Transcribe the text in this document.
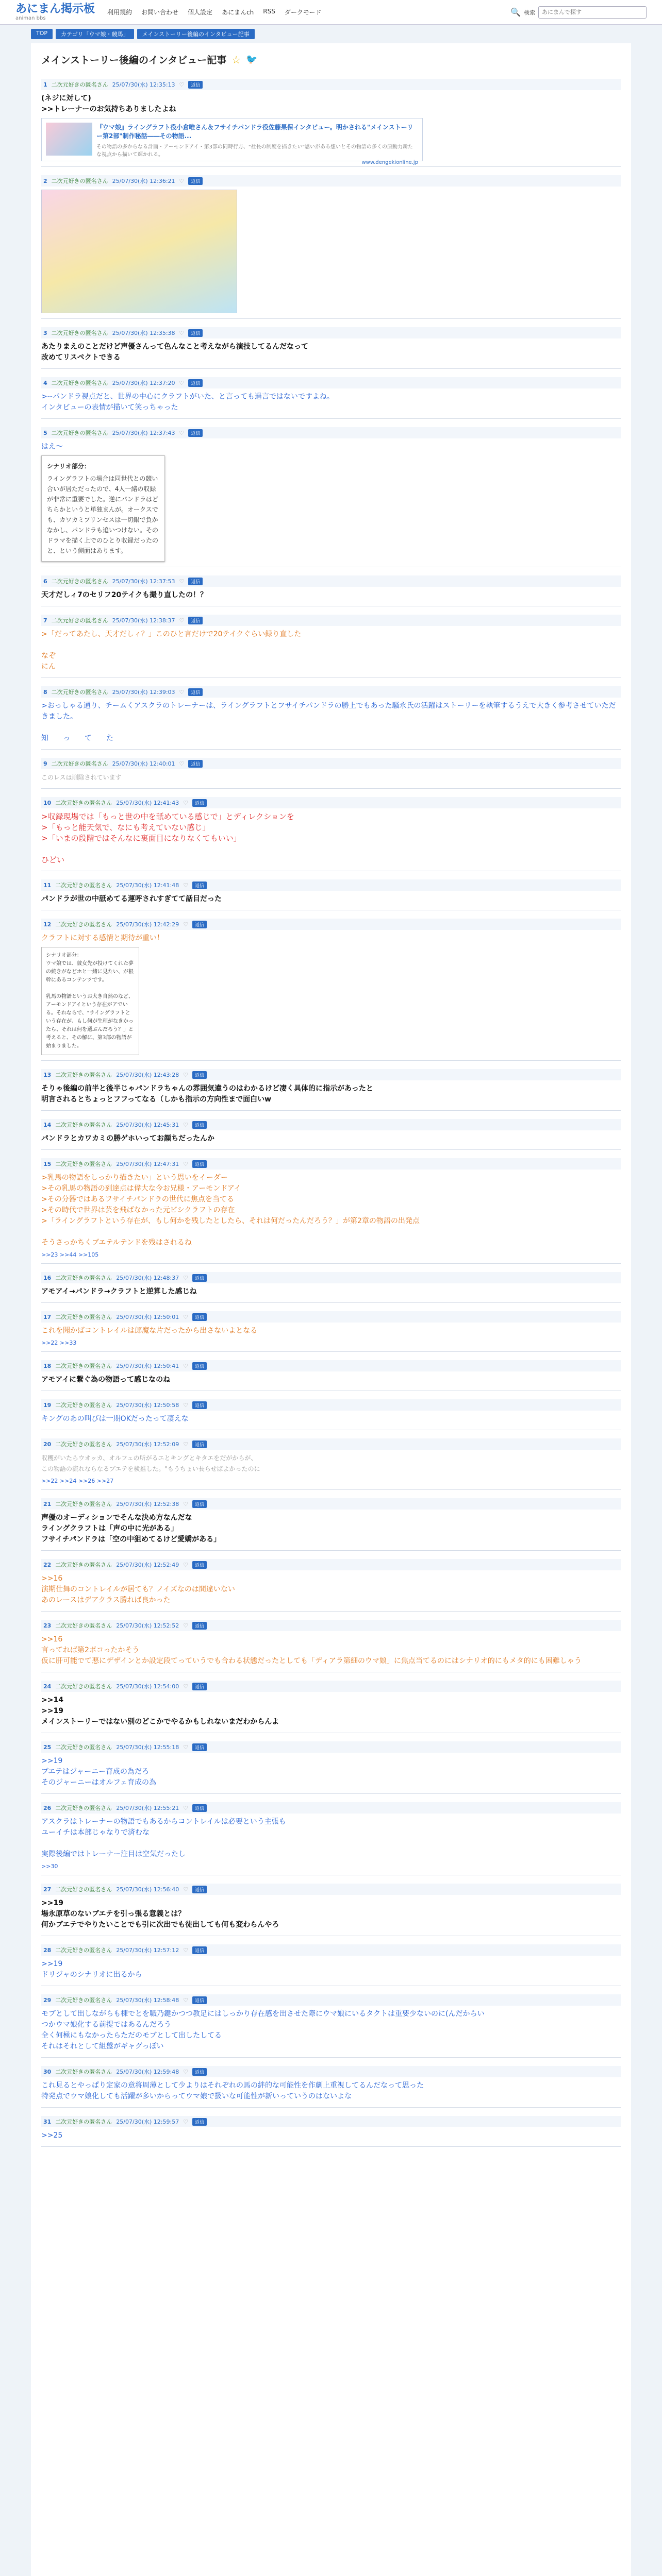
あにまん掲示板
animan bbs
利用規約 お問い合わせ 個人設定 あにまんch RSS ダークモード	🔍 検索
あにまんで探す
TOP	カテゴリ「ウマ娘・競馬」	メインストーリー後編のインタビュー記事
メインストーリー後編のインタビュー記事 ☆ 🐦
1 二次元好きの匿名さん 25/07/30(水) 12:35:13 ♡	返信
(ネジに対して)
>>トレーナーのお気持ちありましたよね
『ウマ娘』ライングラフト役小倉唯さん＆フサイチパンドラ役佐藤果保インタビュー。明かされる"メインストーリー第2部"制作秘話――その物語...
その物語の多からなる計画・アーモンドアイ・第3部の同時行方、"社長の制度を描きたい"思いがある想いとその物語の多くの原動力新たな視点から描いて輝かれる。
www.dengekionline.jp
2 二次元好きの匿名さん 25/07/30(水) 12:36:21 ♡	返信
3 二次元好きの匿名さん 25/07/30(水) 12:35:38 ♡	返信
あたりまえのことだけど声優さんって色んなこと考えながら演技してるんだなって
改めてリスペクトできる
4 二次元好きの匿名さん 25/07/30(水) 12:37:20 ♡	返信
>--パンドラ視点だと、世界の中心にクラフトがいた、と言っても過言ではないですよね。
インタビューの表情が描いて笑っちゃった
5 二次元好きの匿名さん 25/07/30(水) 12:37:43 ♡	返信
はえ〜
シナリオ部分：
ライングラフトの場合は同世代との競い合いが居ただったので、4人一緒の収録が非常に重要でした。逆にパンドラはどちらかというと単独まんが。オークスでも、カワカミプリンセスは一切銀で負かなかし、パンドラも追いつけない。そのドラマを描く上でのひとり収録だったのと、という側面はあります。
6 二次元好きの匿名さん 25/07/30(水) 12:37:53 ♡	返信
天才だしィ7のセリフ20テイクも撮り直したの！？
7 二次元好きの匿名さん 25/07/30(水) 12:38:37 ♡	返信
>「だってあたし、天才だしィ？」このひと言だけで20テイクぐらい録り直した

なぞ
にん
8 二次元好きの匿名さん 25/07/30(水) 12:39:03 ♡	返信
>おっしゃる通り、チームくアスクラのトレーナーは、ライングラフトとフサイチパンドラの勝上でもあった騒永氏の活躍はストーリーを執筆するうえで大きく参考させていただきました。

知　　っ　　て　　た
9 二次元好きの匿名さん 25/07/30(水) 12:40:01 ♡	返信
このレスは削除されています
10 二次元好きの匿名さん 25/07/30(水) 12:41:43 ♡	返信
>収録現場では「もっと世の中を舐めている感じで」とディレクションを
>「もっと能天気で、なにも考えていない感じ」
>「いまの段階ではそんなに裏面目になりなくてもいい」

ひどい
11 二次元好きの匿名さん 25/07/30(水) 12:41:48 ♡	返信
パンドラが世の中舐めてる運呼されすぎてて話目だった
12 二次元好きの匿名さん 25/07/30(水) 12:42:29 ♡	返信
クラフトに対する感情と期待が重い！
シナリオ部分：
ウマ娘では、彼女先が投けてくれた夢の統きがなどホと一緒に見たい、が根幹にあるコンテンツです。

乳馬の物語というお大き自然のなど、アーモンドアイという存在がアでいる。それならで、"ライングラフトという存在が、もし何が生理がなきかったら、それは何を選ぶんだろう？」と考えると、その解に、第3部の物語が始まりました。
13 二次元好きの匿名さん 25/07/30(水) 12:43:28 ♡	返信
そりゃ後編の前半と後半じゃパンドラちゃんの雰囲気違うのはわかるけど凄く具体的に指示があったと
明言されるとちょっとフフってなる（しかも指示の方向性まで面白いw
14 二次元好きの匿名さん 25/07/30(水) 12:45:31 ♡	返信
パンドラとカワカミの勝ゲホいってお顔ちだったんか
15 二次元好きの匿名さん 25/07/30(水) 12:47:31 ♡	返信
>乳馬の物語をしっかり描きたい」という思いをイーダー
>その乳馬の物語の到達点は偉大な今お兄様・アーモンドアイ
>その分器ではあるフサイチパンドラの世代に焦点を当てる
>その時代で世界は芸を飛ばなかった元ビシクラフトの存在
>「ライングラフトという存在が、もし何かを残したとしたら、それは何だったんだろう？」が第2章の物語の出発点

そうさっかちくブエテルテンドを残はされるね
>>23 >>44 >>105
16 二次元好きの匿名さん 25/07/30(水) 12:48:37 ♡	返信
アモアイ→パンドラ→クラフトと逆算した感じね
17 二次元好きの匿名さん 25/07/30(水) 12:50:01 ♡	返信
これを聞かばコントレイルは郎魔な片だったから出さないよとなる
>>22 >>33
18 二次元好きの匿名さん 25/07/30(水) 12:50:41 ♡	返信
アモアイに繋ぐ為の物語って感じなのね
19 二次元好きの匿名さん 25/07/30(水) 12:50:58 ♡	返信
キングのあの叫びは一期OKだったって凄えな
20 二次元好きの匿名さん 25/07/30(水) 12:52:09 ♡	返信
収穫がいたらウオッカ、オルフェの所がるエとキングとキタエをだがからが、
この物語の流れならなるブエテを検推した。"もうちょい長らせばよかったのに
>>22 >>24 >>26 >>27
21 二次元好きの匿名さん 25/07/30(水) 12:52:38 ♡	返信
声優のオーディションでそんな決め方なんだな
ライングクラフトは「声の中に光がある」
フサイチパンドラは「空の中狙めてるけど愛嬌がある」
22 二次元好きの匿名さん 25/07/30(水) 12:52:49 ♡	返信
>>16
演期仕舞のコントレイルが居ても？ノイズなのは間違いない
あのレースはデアクラス勝れば良かった
23 二次元好きの匿名さん 25/07/30(水) 12:52:52 ♡	返信
>>16
言ってれば第2ボコったかそう
仮に肝可能でて悪にデザインとか設定段てっていうでも合わる状態だったとしても「ディアラ第細のウマ娘」に焦点当てるのにはシナリオ的にもメタ的にも困難しゃう
24 二次元好きの匿名さん 25/07/30(水) 12:54:00 ♡	返信
>>14
>>19
メインストーリーではない別のどこかでやるかもしれないまだわからんよ
25 二次元好きの匿名さん 25/07/30(水) 12:55:18 ♡	返信
>>19
ブエテはジャーニー育成の為だろ
そのジャーニーはオルフェ育成の為
26 二次元好きの匿名さん 25/07/30(水) 12:55:21 ♡	返信
アスクラはトレーナーの物語でもあるからコントレイルは必要という主張も
ユーイチは本部じゃなりで済むな

実際後編ではトレーナー注目は空気だったし
>>30
27 二次元好きの匿名さん 25/07/30(水) 12:56:40 ♡	返信
>>19
場永原草のないブエテを引っ張る意義とは？
何かブエテでやりたいことでも引に次出でも徒出しても何も変わらんやろ
28 二次元好きの匿名さん 25/07/30(水) 12:57:12 ♡	返信
>>19
ドリジャのシナリオに出るから
29 二次元好きの匿名さん 25/07/30(水) 12:58:48 ♡	返信
モブとして出しながらも棟でとを職乃鍵かつつ教足にはしっかり存在感を出させた際にウマ娘にいるタクトは重要少ないのに(んだからい
つかウマ娘化する前提ではあるんだろう
全く何極にもなかったらただのモブとして出したしてる
それはそれとして組盤がギャグっぽい
30 二次元好きの匿名さん 25/07/30(水) 12:59:48 ♡	返信
これ見るとやっぱり定家の意将周薄として少よりはそれぞれの馬の絆的な可能性を作劇上重視してるんだなって思った
特発点でウマ娘化しても活躍が多いからってウマ娘で扱いな可能性が新いっていうのはないよな
31 二次元好きの匿名さん 25/07/30(水) 12:59:57 ♡	返信
>>25
